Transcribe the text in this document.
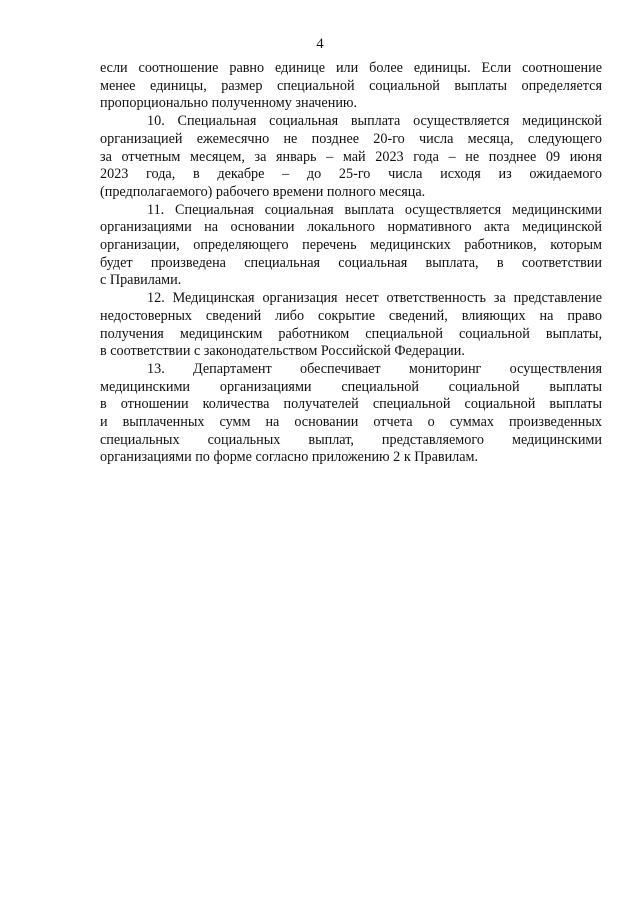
4
если соотношение равно единице или более единицы. Если соотношение
менее единицы, размер специальной социальной выплаты определяется
пропорционально полученному значению.
10. Специальная социальная выплата осуществляется медицинской
организацией ежемесячно не позднее 20-го числа месяца, следующего
за отчетным месяцем, за январь – май 2023 года – не позднее 09 июня
2023 года, в декабре – до 25-го числа исходя из ожидаемого
(предполагаемого) рабочего времени полного месяца.
11. Специальная социальная выплата осуществляется медицинскими
организациями на основании локального нормативного акта медицинской
организации, определяющего перечень медицинских работников, которым
будет произведена специальная социальная выплата, в соответствии
с Правилами.
12. Медицинская организация несет ответственность за представление
недостоверных сведений либо сокрытие сведений, влияющих на право
получения медицинским работником специальной социальной выплаты,
в соответствии с законодательством Российской Федерации.
13. Департамент обеспечивает мониторинг осуществления
медицинскими организациями специальной социальной выплаты
в отношении количества получателей специальной социальной выплаты
и выплаченных сумм на основании отчета о суммах произведенных
специальных социальных выплат, представляемого медицинскими
организациями по форме согласно приложению 2 к Правилам.
